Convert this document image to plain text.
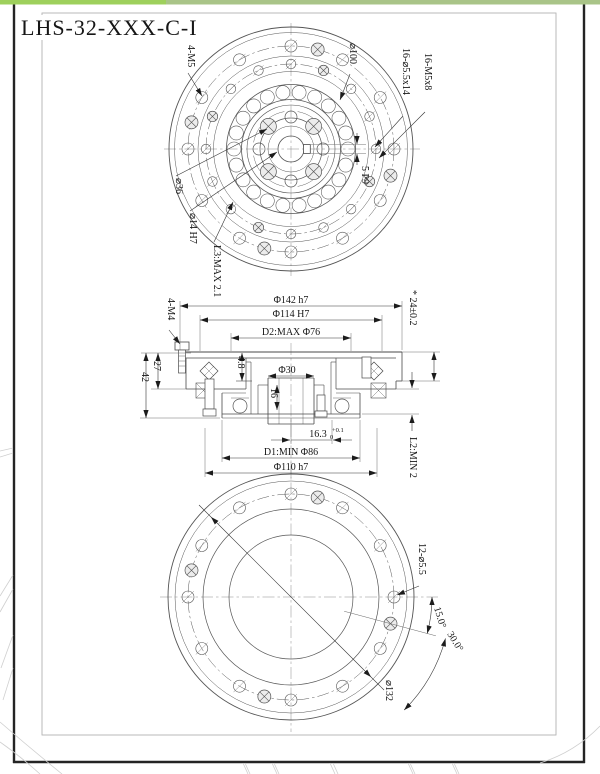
LHS-32-XXX-C-I
4-M5	⌀100	16-⌀5.5x14 16-M5x8
5 P9
⌀36
⌀14 H7
L3:MAX 2.1
Φ142 h7
Φ114 H7
D2:MAX Φ76
4-M4
27
42
4.8
Φ30
16
16.3 +0.1
0
D1:MIN Φ86
Φ110 h7
* 24±0.2
L2:MIN 2
12-⌀5.5
15.0°
30.0°
⌀132
